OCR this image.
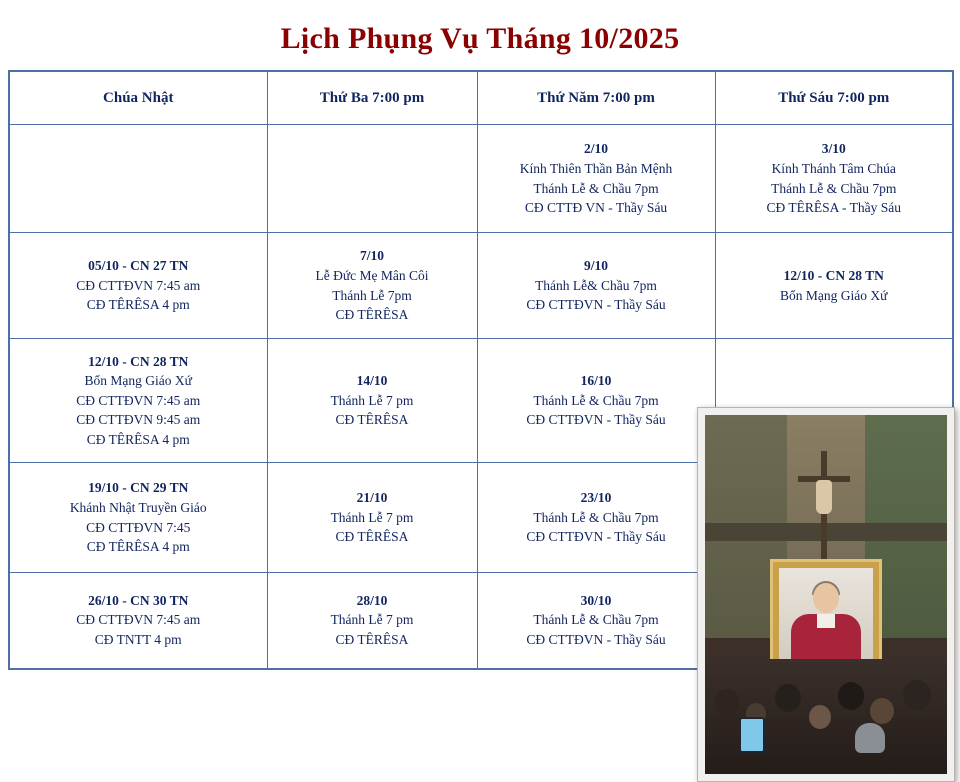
Lịch Phụng Vụ Tháng 10/2025
Chúa Nhật	Thứ Ba 7:00 pm	Thứ Năm 7:00 pm	Thứ Sáu 7:00 pm

		2/10
Kính Thiên Thần Bản Mệnh
Thánh Lễ & Chầu 7pm
CĐ CTTĐ VN - Thầy Sáu	3/10
Kính Thánh Tâm Chúa
Thánh Lễ & Chầu 7pm
CĐ TÊRÊSA - Thầy Sáu

05/10 - CN 27 TN
CĐ CTTĐVN 7:45 am
CĐ TÊRÊSA 4 pm	7/10
Lễ Đức Mẹ Mân Côi
Thánh Lễ 7pm
CĐ TÊRÊSA	9/10
Thánh Lễ& Chầu 7pm
CĐ CTTĐVN - Thầy Sáu	12/10 - CN 28 TN
Bổn Mạng Giáo Xứ

12/10 - CN 28 TN
Bổn Mạng Giáo Xứ
CĐ CTTĐVN 7:45 am
CĐ CTTĐVN 9:45 am
CĐ TÊRÊSA 4 pm	14/10
Thánh Lễ 7 pm
CĐ TÊRÊSA	16/10
Thánh Lễ & Chầu 7pm
CĐ CTTĐVN - Thầy Sáu	

19/10 - CN 29 TN
Khánh Nhật Truyền Giáo
CĐ CTTĐVN 7:45
CĐ TÊRÊSA 4 pm	21/10
Thánh Lễ 7 pm
CĐ TÊRÊSA	23/10
Thánh Lễ & Chầu 7pm
CĐ CTTĐVN - Thầy Sáu	

26/10 - CN 30 TN
CĐ CTTĐVN 7:45 am
CĐ TNTT 4 pm	28/10
Thánh Lễ 7 pm
CĐ TÊRÊSA	30/10
Thánh Lễ & Chầu 7pm
CĐ CTTĐVN - Thầy Sáu	
